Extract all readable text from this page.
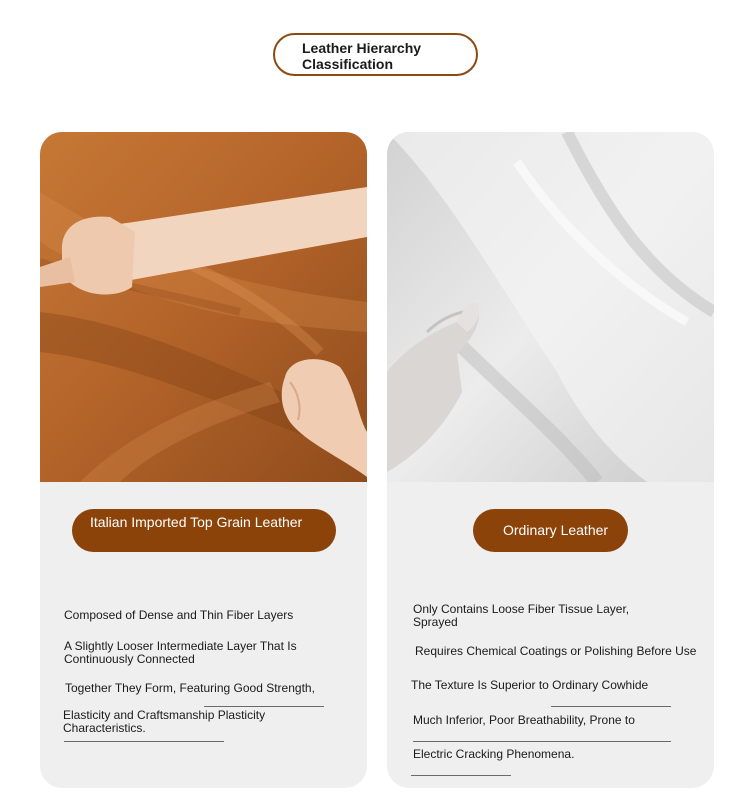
Leather Hierarchy Classification
Italian Imported Top Grain Leather
Composed of Dense and Thin Fiber Layers
A Slightly Looser Intermediate Layer That Is Continuously Connected
Together They Form, Featuring Good Strength,
Elasticity and Craftsmanship Plasticity Characteristics.
Ordinary Leather
Only Contains Loose Fiber Tissue Layer, Sprayed
Requires Chemical Coatings or Polishing Before Use
The Texture Is Superior to Ordinary Cowhide
Much Inferior, Poor Breathability, Prone to
Electric Cracking Phenomena.
